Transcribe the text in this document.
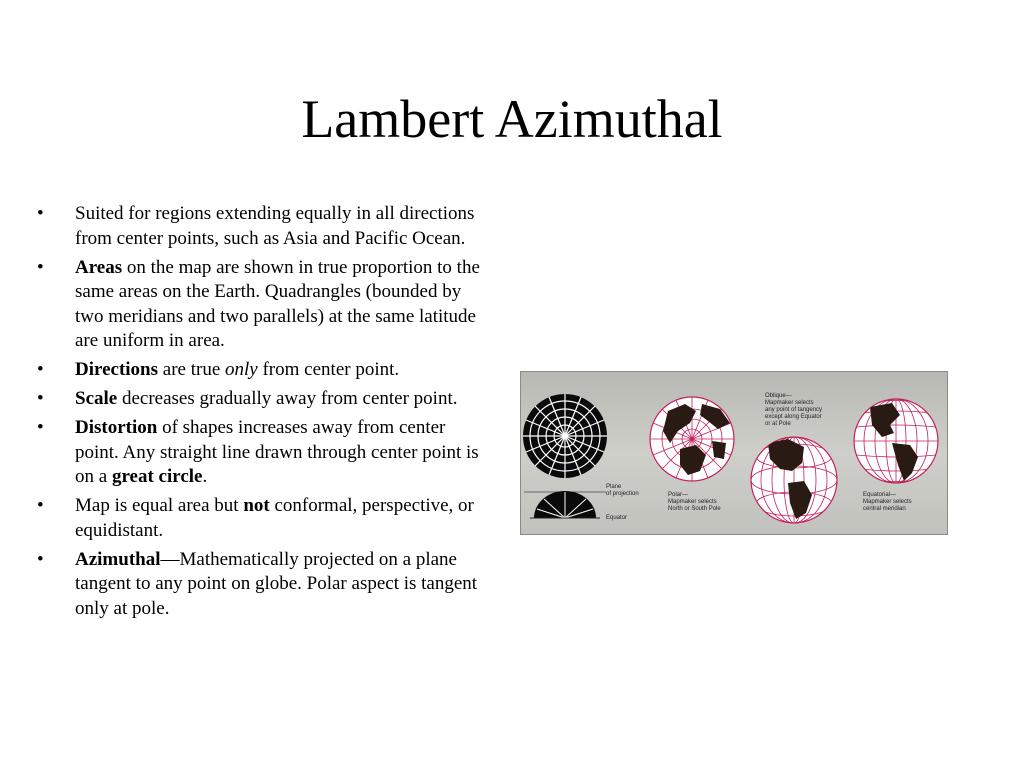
Lambert Azimuthal
• Suited for regions extending equally in all directions from center points, such as Asia and Pacific Ocean.
• Areas on the map are shown in true proportion to the same areas on the Earth. Quadrangles (bounded by two meridians and two parallels) at the same latitude are uniform in area.
• Directions are true only from center point.
• Scale decreases gradually away from center point.
• Distortion of shapes increases away from center point. Any straight line drawn through center point is on a great circle.
• Map is equal area but not conformal, perspective, or equidistant.
• Azimuthal—Mathematically projected on a plane tangent to any point on globe. Polar aspect is tangent only at pole.
Plane
of projection
Equator
Polar—
Mapmaker selects
North or South Pole
Oblique—
Mapmaker selects
any point of tangency
except along Equator
or at Pole
Equatorial—
Mapmaker selects
central meridian
